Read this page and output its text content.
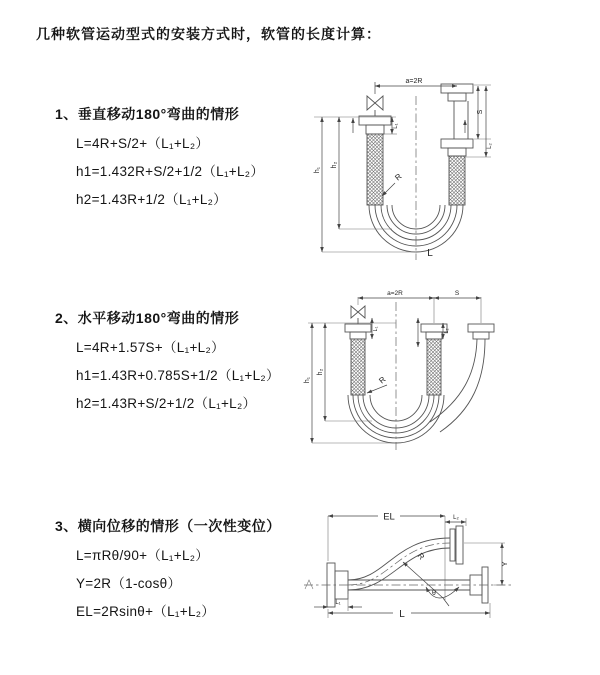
几种软管运动型式的安装方式时，软管的长度计算：
1、垂直移动180°弯曲的情形
L=4R+S/2+（L₁+L₂）
h1=1.432R+S/2+1/2（L₁+L₂）
h2=1.43R+1/2（L₁+L₂）
2、水平移动180°弯曲的情形
L=4R+1.57S+（L₁+L₂）
h1=1.43R+0.785S+1/2（L₁+L₂）
h2=1.43R+S/2+1/2（L₁+L₂）
3、横向位移的情形（一次性变位）
L=πRθ/90+（L₁+L₂）
Y=2R（1-cosθ）
EL=2Rsinθ+（L₁+L₂）
a=2R
h₁
h₂
L₁
S
L₂
R
L
a=2R	S
h₁
h₂
L₁	L₂
R
EL	L₂
Y
R
θ
L
L₁
